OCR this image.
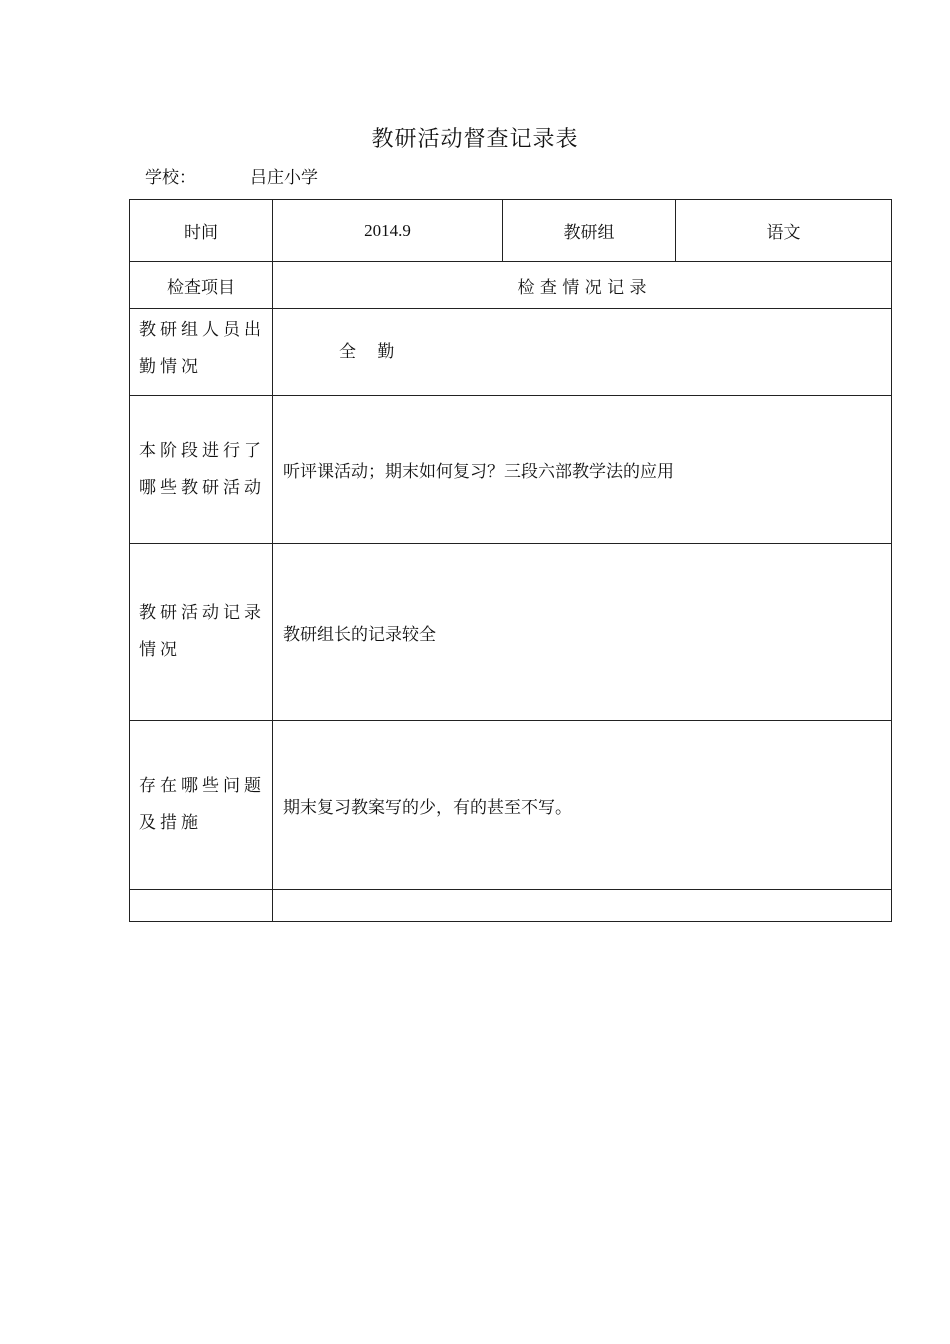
教研活动督查记录表
学校：	吕庄小学
时间	2014.9	教研组	语文
检查项目	检 查 情 况 记 录		
教研组人员出勤情况	全 勤		
本阶段进行了哪些教研活动	听评课活动；期末如何复习？三段六部教学法的应用		
教研活动记录情况	教研组长的记录较全		
存在哪些问题及措施	期末复习教案写的少，有的甚至不写。		
